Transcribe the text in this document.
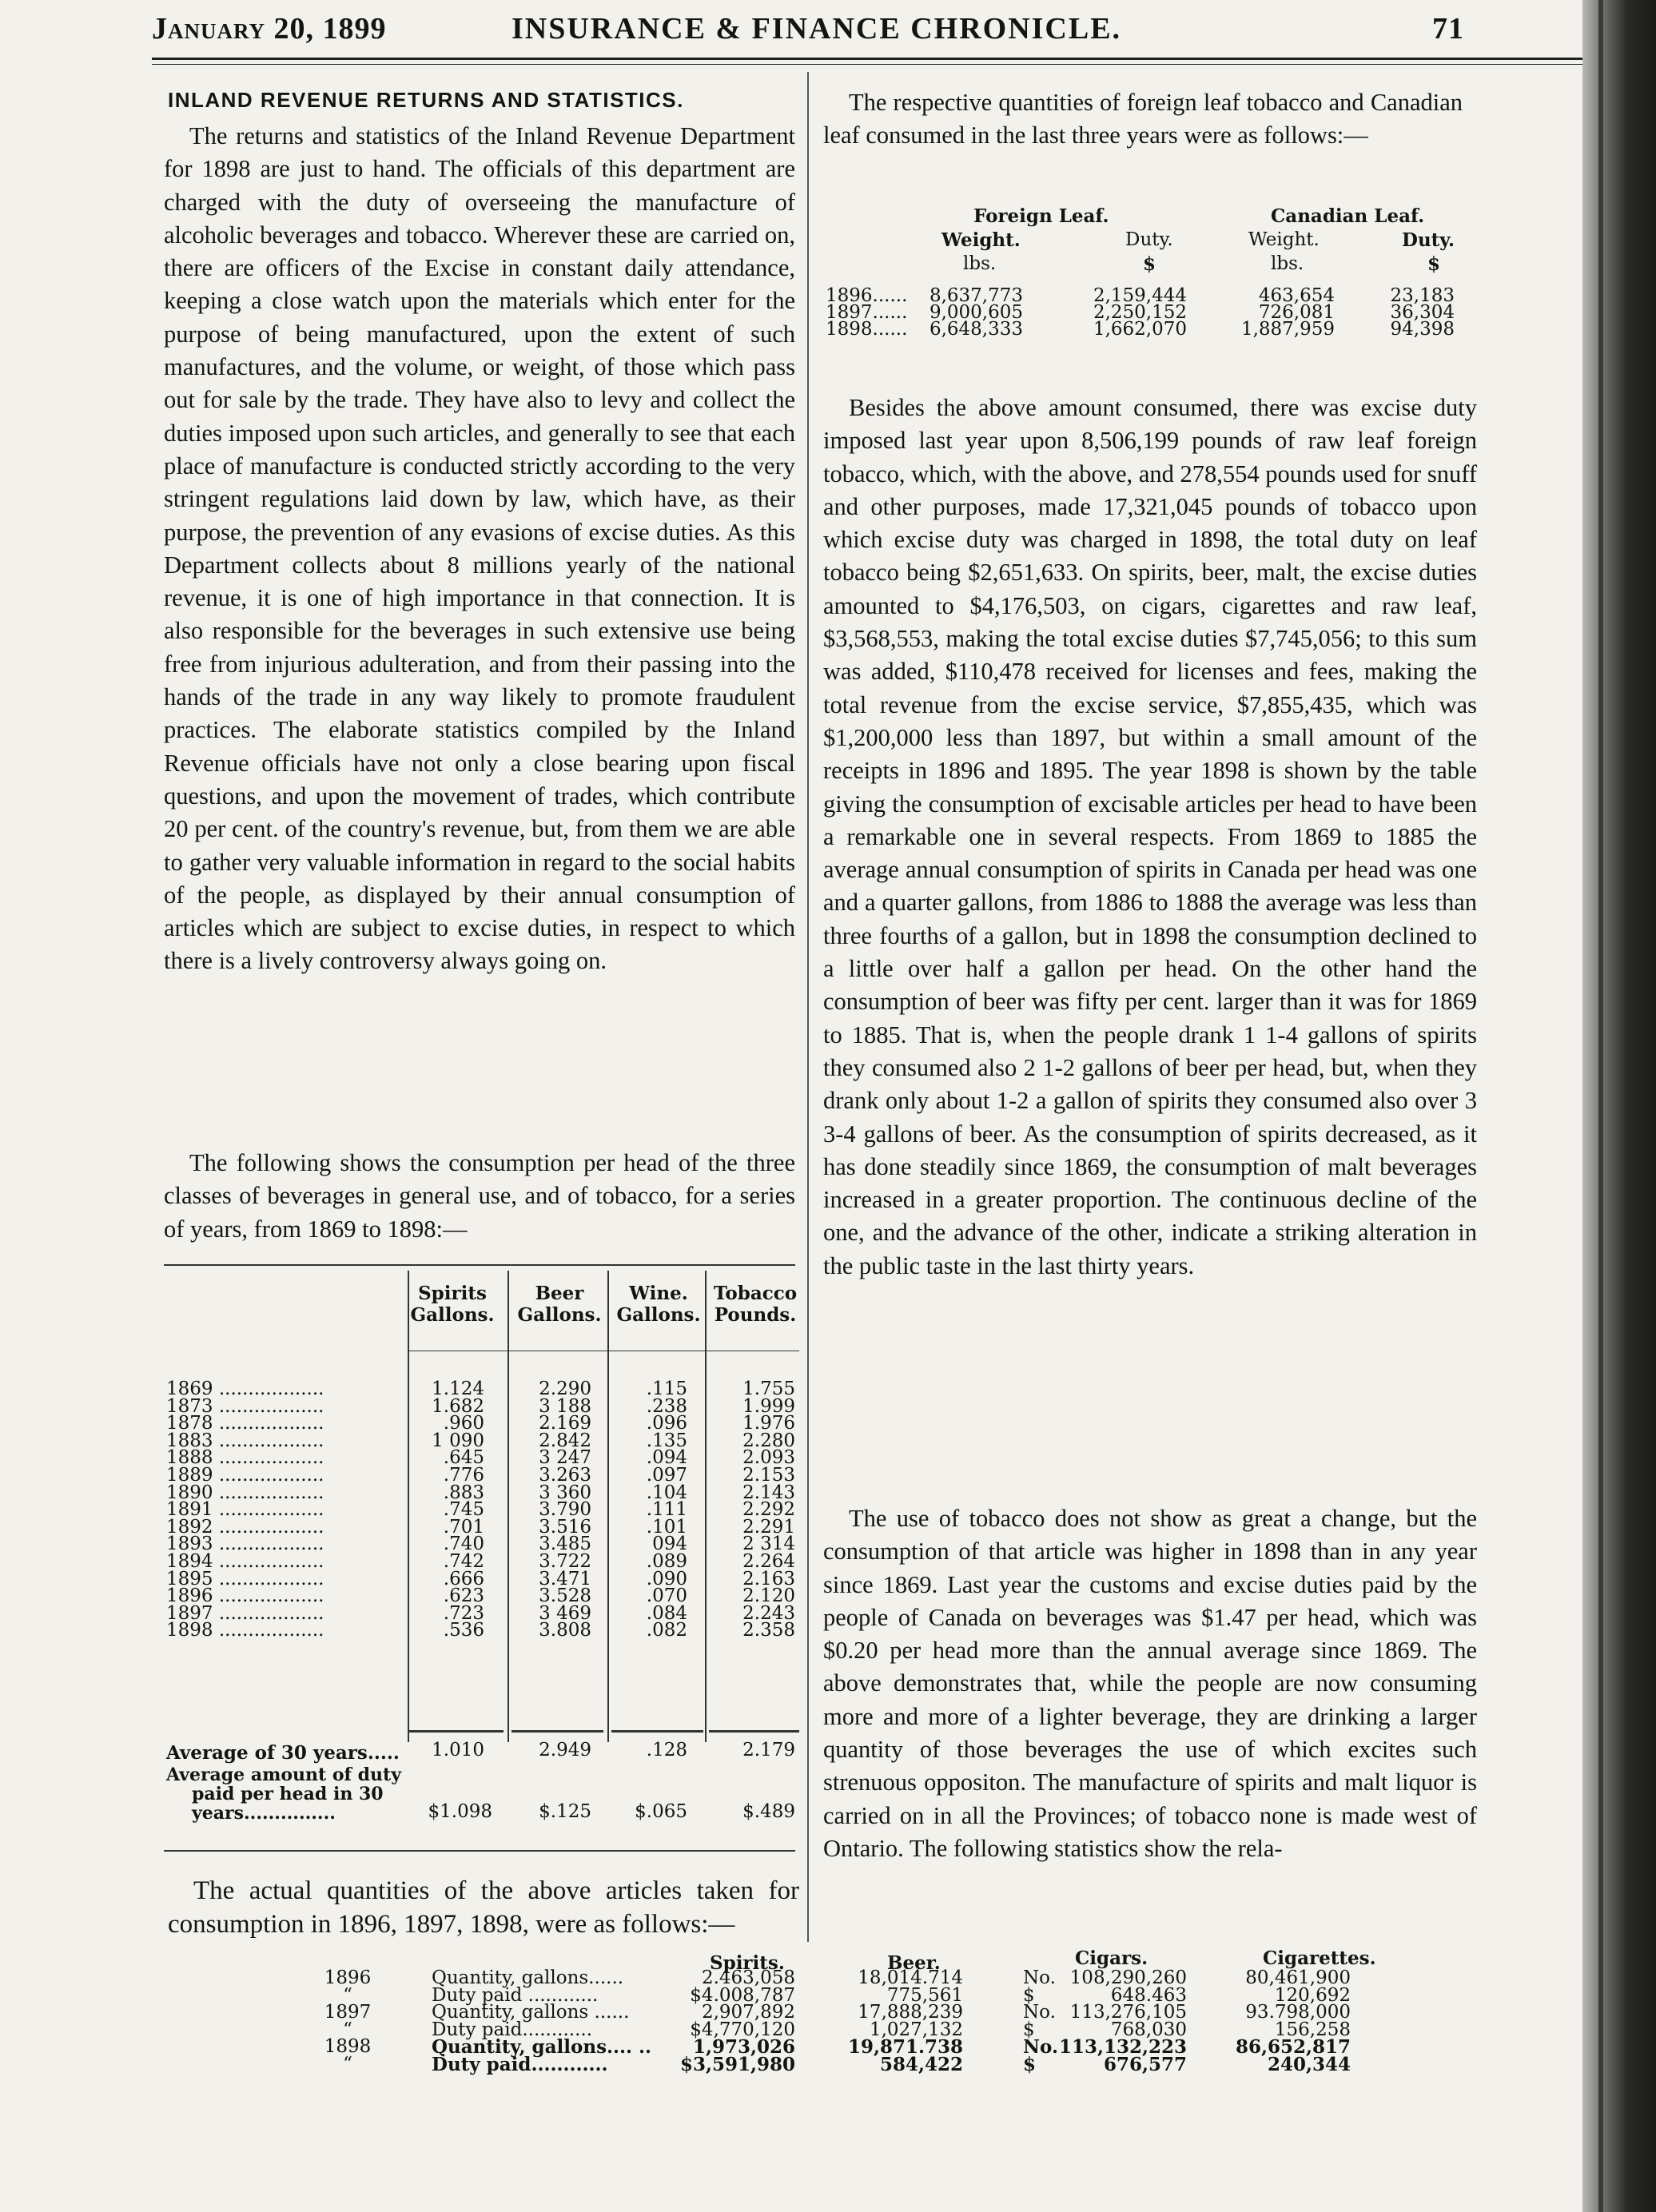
January 20, 1899	INSURANCE & FINANCE CHRONICLE.	71
INLAND REVENUE RETURNS AND STATISTICS.
The returns and statistics of the Inland Revenue Department for 1898 are just to hand. The officials of this department are charged with the duty of overseeing the manufacture of alcoholic beverages and tobacco. Wherever these are carried on, there are officers of the Excise in constant daily attendance, keeping a close watch upon the materials which enter for the purpose of being manufactured, upon the extent of such manufactures, and the volume, or weight, of those which pass out for sale by the trade. They have also to levy and collect the duties imposed upon such articles, and generally to see that each place of manufacture is conducted strictly according to the very stringent regulations laid down by law, which have, as their purpose, the prevention of any evasions of excise duties. As this Department collects about 8 millions yearly of the national revenue, it is one of high importance in that connection. It is also responsible for the beverages in such extensive use being free from injurious adulteration, and from their passing into the hands of the trade in any way likely to promote fraudulent practices. The elaborate statistics compiled by the Inland Revenue officials have not only a close bearing upon fiscal questions, and upon the movement of trades, which contribute 20 per cent. of the country's revenue, but, from them we are able to gather very valuable information in regard to the social habits of the people, as displayed by their annual consumption of articles which are subject to excise duties, in respect to which there is a lively controversy always going on.
The following shows the consumption per head of the three classes of beverages in general use, and of tobacco, for a series of years, from 1869 to 1898:—
Spirits
Gallons.
Beer
Gallons.
Wine.
Gallons.
Tobacco
Pounds.
1869 ..................	1.124	2.290	.115	1.755
1873 ..................	1.682	3 188	.238	1.999
1878 ..................	.960	2.169	.096	1.976
1883 ..................	1 090	2.842	.135	2.280
1888 ..................	.645	3 247	.094	2.093
1889 ..................	.776	3.263	.097	2.153
1890 ..................	.883	3 360	.104	2.143
1891 ..................	.745	3.790	.111	2.292
1892 ..................	.701	3.516	.101	2.291
1893 ..................	.740	3.485	094	2 314
1894 ..................	.742	3.722	.089	2.264
1895 ..................	.666	3.471	.090	2.163
1896 ..................	.623	3.528	.070	2.120
1897 ..................	.723	3 469	.084	2.243
1898 ..................	.536	3.808	.082	2.358
Average of 30 years.....	1.010	2.949	.128	2.179
Average amount of duty
paid per head in 30
years...............	$1.098	$.125	$.065	$.489
The actual quantities of the above articles taken for consumption in 1896, 1897, 1898, were as follows:—
The respective quantities of foreign leaf tobacco and Canadian leaf consumed in the last three years were as follows:—
Foreign Leaf.	Canadian Leaf.
Weight.	Duty.	Weight.	Duty.
lbs.	$	lbs.	$
1896...... 8,637,773	2,159,444	463,654	23,183
1897...... 9,000,605	2,250,152	726,081	36,304
1898...... 6,648,333	1,662,070	1,887,959	94,398
Besides the above amount consumed, there was excise duty imposed last year upon 8,506,199 pounds of raw leaf foreign tobacco, which, with the above, and 278,554 pounds used for snuff and other purposes, made 17,321,045 pounds of tobacco upon which excise duty was charged in 1898, the total duty on leaf tobacco being $2,651,633. On spirits, beer, malt, the excise duties amounted to $4,176,503, on cigars, cigarettes and raw leaf, $3,568,553, making the total excise duties $7,745,056; to this sum was added, $110,478 received for licenses and fees, making the total revenue from the excise service, $7,855,435, which was $1,200,000 less than 1897, but within a small amount of the receipts in 1896 and 1895. The year 1898 is shown by the table giving the consumption of excisable articles per head to have been a remarkable one in several respects. From 1869 to 1885 the average annual consumption of spirits in Canada per head was one and a quarter gallons, from 1886 to 1888 the average was less than three fourths of a gallon, but in 1898 the consumption declined to a little over half a gallon per head. On the other hand the consumption of beer was fifty per cent. larger than it was for 1869 to 1885. That is, when the people drank 1 1-4 gallons of spirits they consumed also 2 1-2 gallons of beer per head, but, when they drank only about 1-2 a gallon of spirits they consumed also over 3 3-4 gallons of beer. As the consumption of spirits decreased, as it has done steadily since 1869, the consumption of malt beverages increased in a greater proportion. The continuous decline of the one, and the advance of the other, indicate a striking alteration in the public taste in the last thirty years.
The use of tobacco does not show as great a change, but the consumption of that article was higher in 1898 than in any year since 1869. Last year the customs and excise duties paid by the people of Canada on beverages was $1.47 per head, which was $0.20 per head more than the annual average since 1869. The above demonstrates that, while the people are now consuming more and more of a lighter beverage, they are drinking a larger quantity of those beverages the use of which excites such strenuous oppositon. The manufacture of spirits and malt liquor is carried on in all the Provinces; of tobacco none is made west of Ontario. The following statistics show the rela-
Spirits.	Beer.	Cigars.	Cigarettes.
1896	Quantity, gallons......	2.463,058	18,014.714	No. 108,290,260	80,461,900
“	Duty paid ............	$4.008,787	775,561	$	648.463	120,692
1897	Quantity, gallons ......	2,907,892	17,888,239	No. 113,276,105	93.798,000
“	Duty paid............	$4,770,120	1,027,132	$	768,030	156,258
1898	Quantity, gallons.... ..	1,973,026	19,871.738	No. 113,132,223	86,652,817
“	Duty paid............	$3,591,980	584,422	$	676,577	240,344
